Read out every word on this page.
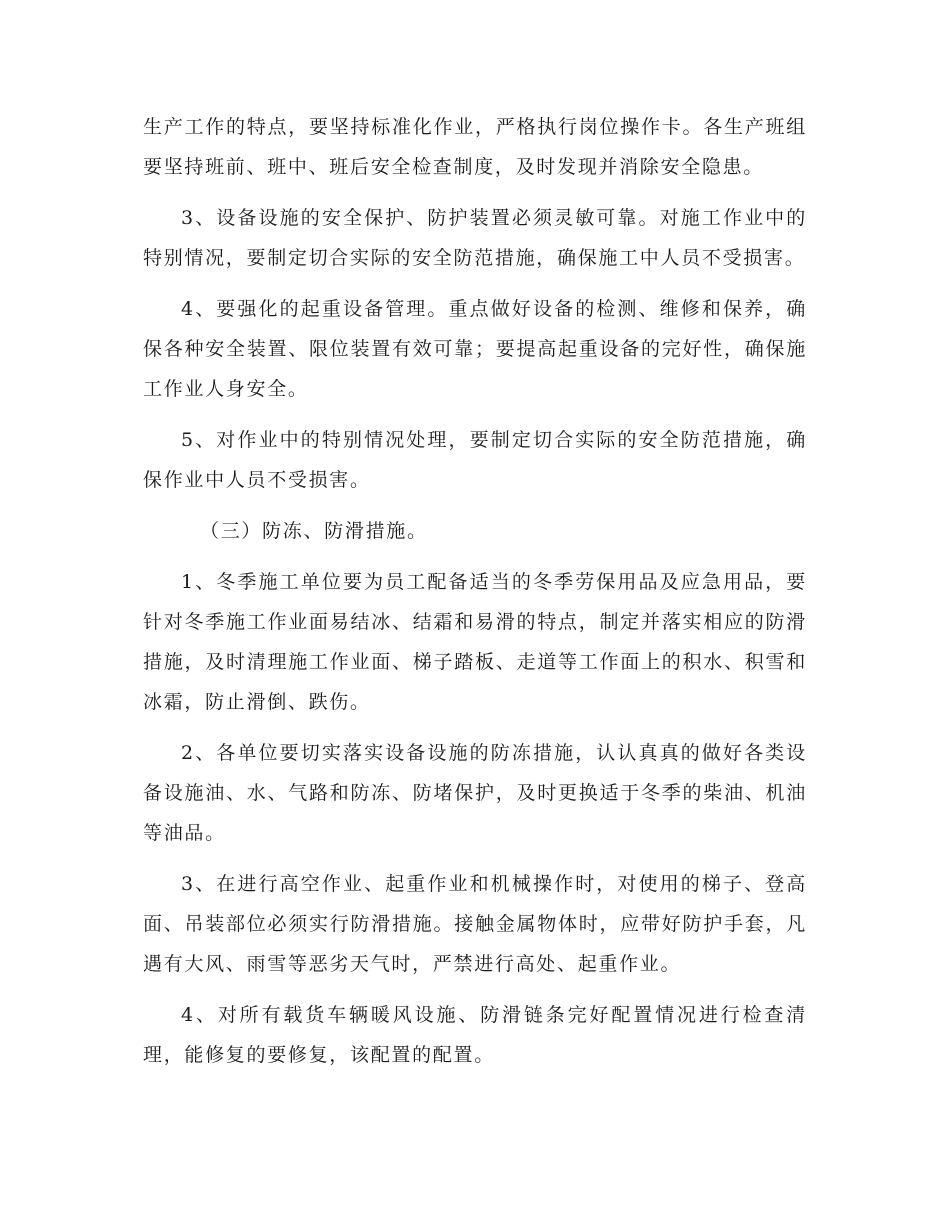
生产工作的特点，要坚持标准化作业，严格执行岗位操作卡。各生产班组要坚持班前、班中、班后安全检查制度，及时发现并消除安全隐患。

3、设备设施的安全保护、防护装置必须灵敏可靠。对施工作业中的特别情况，要制定切合实际的安全防范措施，确保施工中人员不受损害。

4、要强化的起重设备管理。重点做好设备的检测、维修和保养，确保各种安全装置、限位装置有效可靠；要提高起重设备的完好性，确保施工作业人身安全。

5、对作业中的特别情况处理，要制定切合实际的安全防范措施，确保作业中人员不受损害。

（三）防冻、防滑措施。

1、冬季施工单位要为员工配备适当的冬季劳保用品及应急用品，要针对冬季施工作业面易结冰、结霜和易滑的特点，制定并落实相应的防滑措施，及时清理施工作业面、梯子踏板、走道等工作面上的积水、积雪和冰霜，防止滑倒、跌伤。

2、各单位要切实落实设备设施的防冻措施，认认真真的做好各类设备设施油、水、气路和防冻、防堵保护，及时更换适于冬季的柴油、机油等油品。

3、在进行高空作业、起重作业和机械操作时，对使用的梯子、登高面、吊装部位必须实行防滑措施。接触金属物体时，应带好防护手套，凡遇有大风、雨雪等恶劣天气时，严禁进行高处、起重作业。

4、对所有载货车辆暖风设施、防滑链条完好配置情况进行检查清理，能修复的要修复，该配置的配置。
